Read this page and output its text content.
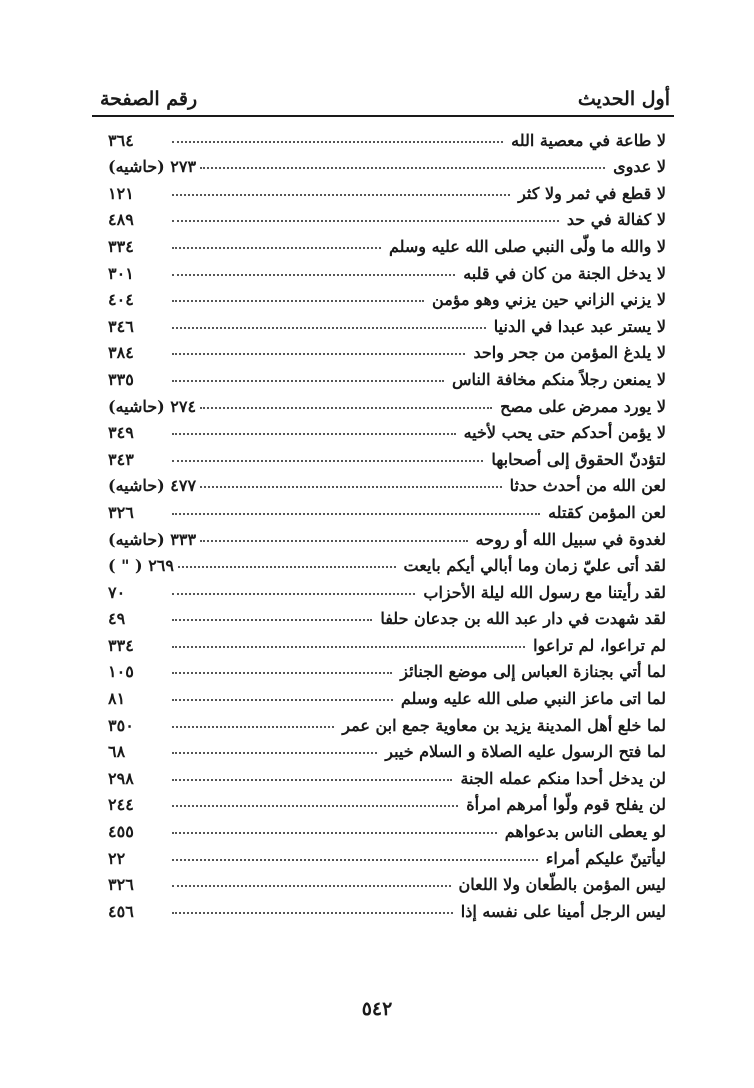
أول الحديث
رقم الصفحة
لا طاعة في معصية الله
٣٦٤
لا عدوى
٢٧٣ (حاشيه)
لا قطع في ثمر ولا كثر
١٢١
لا كفالة في حد
٤٨٩
لا والله ما ولّى النبي صلى الله عليه وسلم
٣٣٤
لا يدخل الجنة من كان في قلبه
٣٠١
لا يزني الزاني حين يزني وهو مؤمن
٤٠٤
لا يستر عبد عبدا في الدنيا
٣٤٦
لا يلدغ المؤمن من جحر واحد
٣٨٤
لا يمنعن رجلاً منكم مخافة الناس
٣٣٥
لا يورد ممرض على مصح
٢٧٤ (حاشيه)
لا يؤمن أحدكم حتى يحب لأخيه
٣٤٩
لتؤدنّ الحقوق إلى أصحابها
٣٤٣
لعن الله من أحدث حدثا
٤٧٧ (حاشيه)
لعن المؤمن كقتله
٣٢٦
لغدوة في سبيل الله أو روحه
٣٣٣ (حاشيه)
لقد أتى عليّ زمان وما أبالي أيكم بايعت
٢٦٩ ( " )
لقد رأيتنا مع رسول الله ليلة الأحزاب
٧٠
لقد شهدت في دار عبد الله بن جدعان حلفا
٤٩
لم تراعوا، لم تراعوا
٣٣٤
لما أتي بجنازة العباس إلى موضع الجنائز
١٠٥
لما اتى ماعز النبي صلى الله عليه وسلم
٨١
لما خلع أهل المدينة يزيد بن معاوية جمع ابن عمر
٣٥٠
لما فتح الرسول عليه الصلاة و السلام خيبر
٦٨
لن يدخل أحدا منكم عمله الجنة
٢٩٨
لن يفلح قوم ولّوا أمرهم امرأة
٢٤٤
لو يعطى الناس بدعواهم
٤٥٥
ليأتينّ عليكم أمراء
٢٢
ليس المؤمن بالطّعان ولا اللعان
٣٢٦
ليس الرجل أمينا على نفسه إذا
٤٥٦
٥٤٢
